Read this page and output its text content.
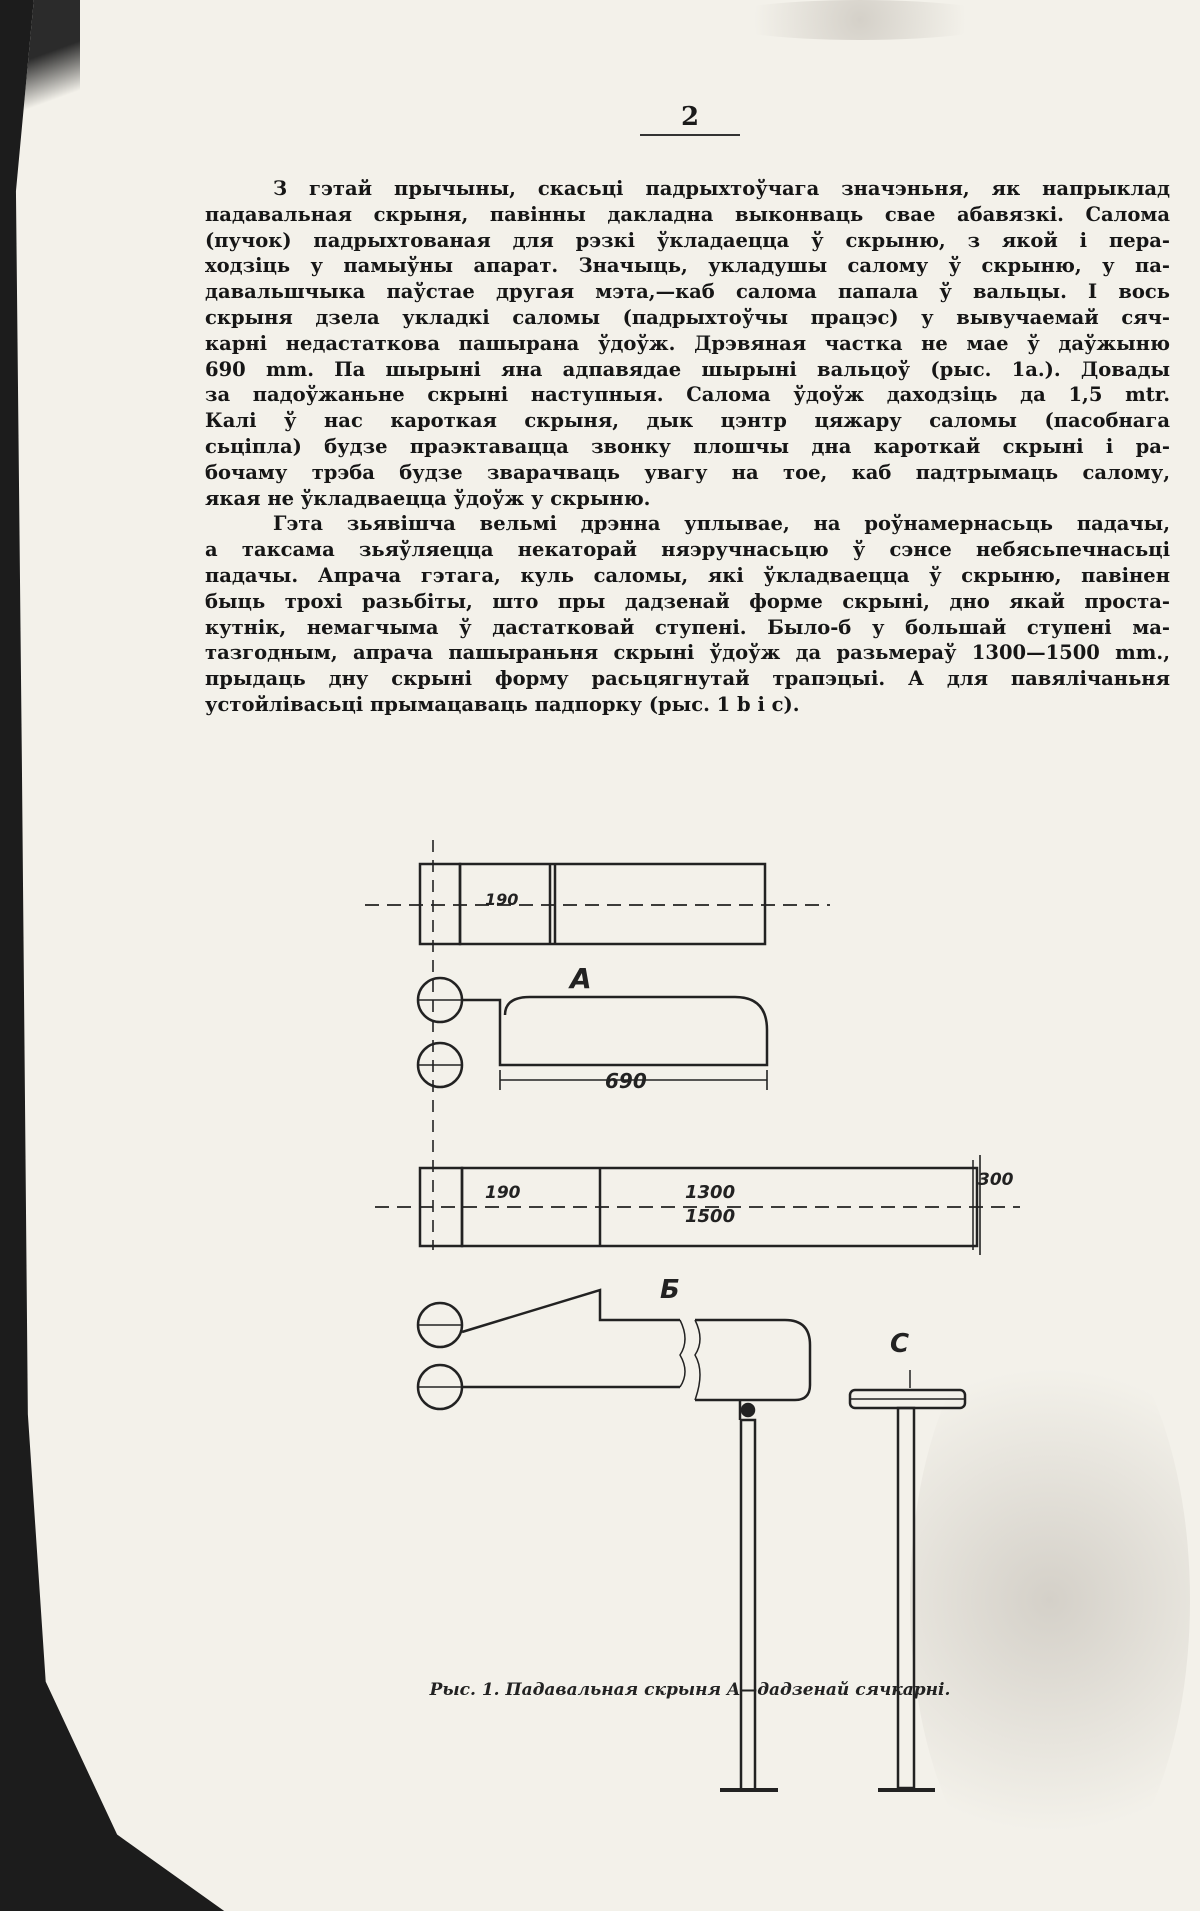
2
З гэтай прычыны, скасьці падрыхтоўчага значэньня, як напрыклад
падавальная скрыня, павінны дакладна выконваць свае абавязкі. Салома
(пучок) падрыхтованая для рэзкі ўкладаецца ў скрыню, з якой і пера-
ходзіць у памыўны апарат. Значыць, укладушы салому ў скрыню, у па-
давальшчыка паўстае другая мэта,—каб салома папала ў вальцы. І вось
скрыня дзела укладкі саломы (падрыхтоўчы працэс) у вывучаемай сяч-
карні недастаткова пашырана ўдоўж. Дрэвяная частка не мае ў даўжыню
690 mm. Па шырыні яна адпавядае шырыні вальцоў (рыс. 1a.). Довады
за падоўжаньне скрыні наступныя. Салома ўдоўж даходзіць да 1,5 mtr.
Калі ў нас кароткая скрыня, дык цэнтр цяжару саломы (пасобнага
сьціпла) будзе праэктавацца звонку плошчы дна кароткай скрыні і ра-
бочаму трэба будзе зварачваць увагу на тое, каб падтрымаць салому,
якая не ўкладваецца ўдоўж у скрыню.
Гэта зьявішча вельмі дрэнна уплывае, на роўнамернасьць падачы,
а таксама зьяўляецца некаторай няэручнасьцю ў сэнсе небясьпечнасьці
падачы. Апрача гэтага, куль саломы, які ўкладваецца ў скрыню, павінен
быць трохі разьбіты, што пры дадзенай форме скрыні, дно якай проста-
кутнік, немагчыма ў дастатковай ступені. Было-б у большай ступені ма-
тазгодным, апрача пашыраньня скрыні ўдоўж да разьмераў 1300—1500 mm.,
прыдаць дну скрыні форму расьцягнутай трапэцыі. А для павялічаньня
устойлівасьці прымацаваць падпорку (рыс. 1 b і c).
190
A
690
190	1300
1500
300
Б
C
Рыс. 1. Падавальная скрыня A—дадзенай сячкарні.
